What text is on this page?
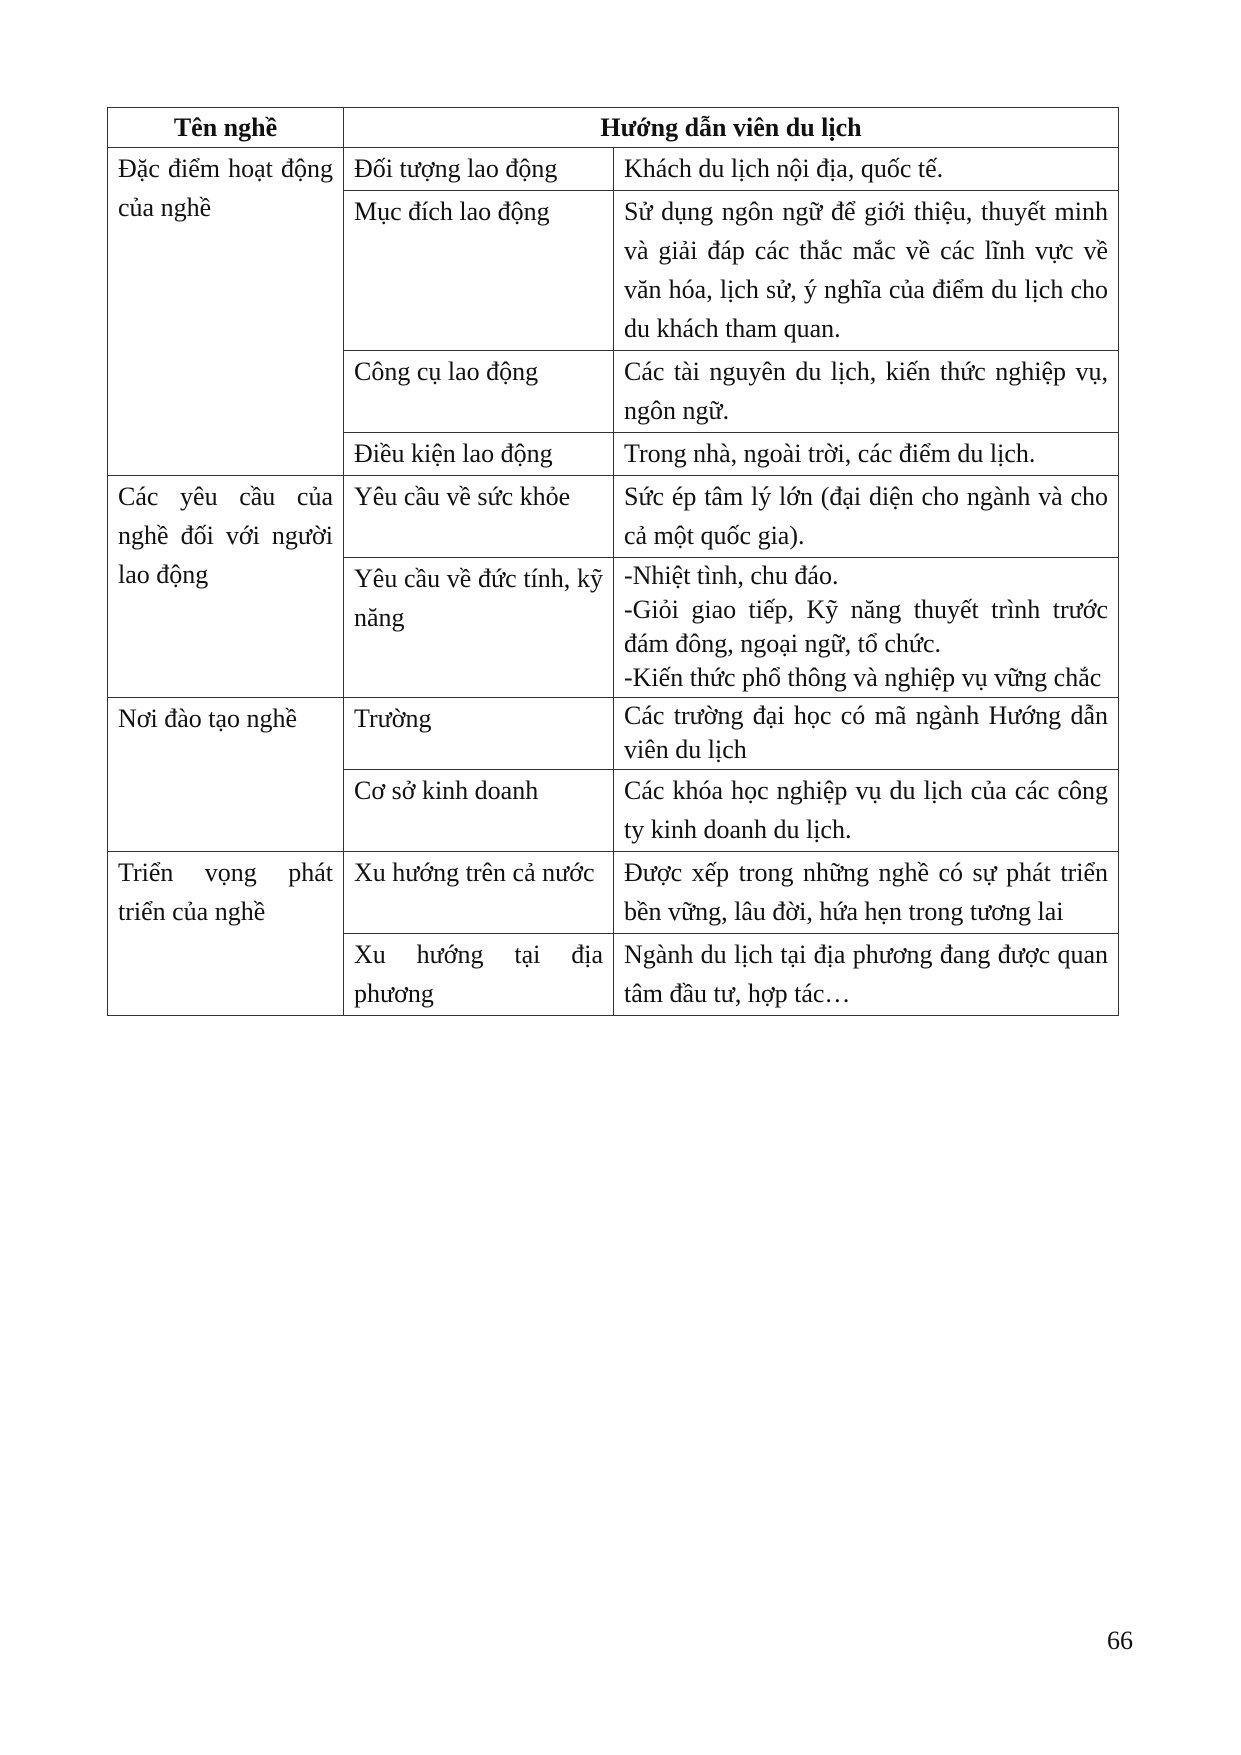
Tên nghề	Hướng dẫn viên du lịch	
Đặc điểm hoạt động của nghề	Đối tượng lao động	Khách du lịch nội địa, quốc tế.
	Mục đích lao động	Sử dụng ngôn ngữ để giới thiệu, thuyết minh và giải đáp các thắc mắc về các lĩnh vực về văn hóa, lịch sử, ý nghĩa của điểm du lịch cho du khách tham quan.
	Công cụ lao động	Các tài nguyên du lịch, kiến thức nghiệp vụ, ngôn ngữ.
	Điều kiện lao động	Trong nhà, ngoài trời, các điểm du lịch.
Các yêu cầu của nghề đối với người lao động	Yêu cầu về sức khỏe	Sức ép tâm lý lớn (đại diện cho ngành và cho cả một quốc gia).
	Yêu cầu về đức tính, kỹ năng	-Nhiệt tình, chu đáo.
-Giỏi giao tiếp, Kỹ năng thuyết trình trước đám đông, ngoại ngữ, tổ chức.
-Kiến thức phổ thông và nghiệp vụ vững chắc

Nơi đào tạo nghề	Trường	Các trường đại học có mã ngành Hướng dẫn viên du lịch
	Cơ sở kinh doanh	Các khóa học nghiệp vụ du lịch của các công ty kinh doanh du lịch.
Triển vọng phát triển của nghề	Xu hướng trên cả nước	Được xếp trong những nghề có sự phát triển bền vững, lâu đời, hứa hẹn trong tương lai
	Xu hướng tại địa phương	Ngành du lịch tại địa phương đang được quan tâm đầu tư, hợp tác…
66
